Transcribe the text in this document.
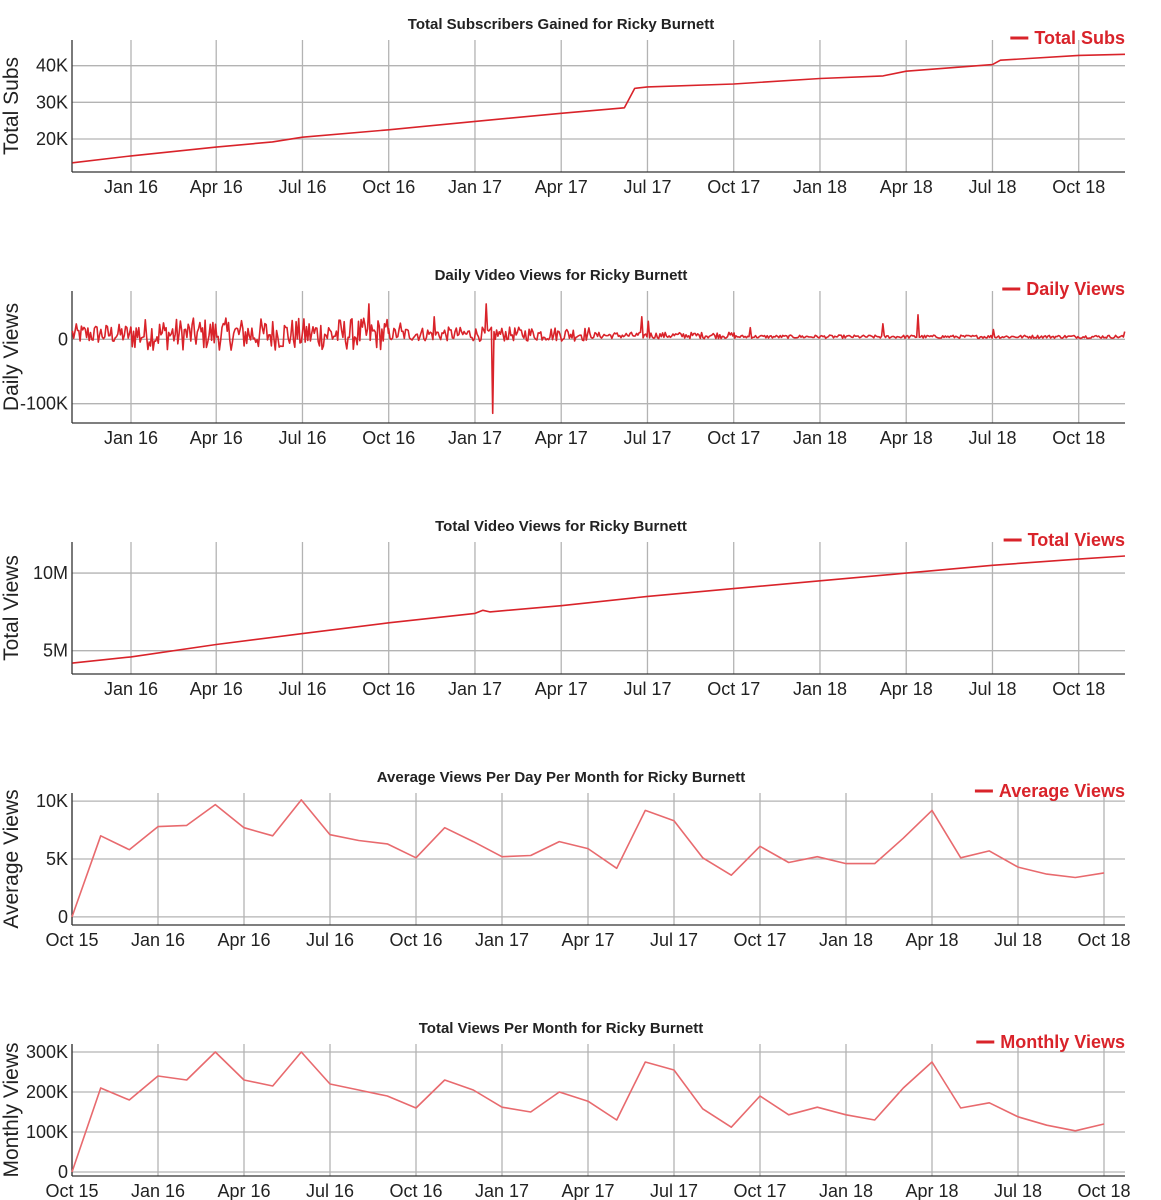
Jan 16 Apr 16 Jul 16 Oct 16 Jan 17 Apr 17 Jul 17 Oct 17 Jan 18 Apr 18 Jul 18 Oct 18
20K
30K
40K
Total Subscribers Gained for Ricky Burnett
Total Subs
Total Subs
Jan 16 Apr 16 Jul 16 Oct 16 Jan 17 Apr 17 Jul 17 Oct 17 Jan 18 Apr 18 Jul 18 Oct 18
-100K
0
Daily Video Views for Ricky Burnett
Daily Views
Daily Views
Jan 16 Apr 16 Jul 16 Oct 16 Jan 17 Apr 17 Jul 17 Oct 17 Jan 18 Apr 18 Jul 18 Oct 18
5M
10M
Total Video Views for Ricky Burnett
Total Views
Total Views
Oct 15 Jan 16 Apr 16 Jul 16 Oct 16 Jan 17 Apr 17 Jul 17 Oct 17 Jan 18 Apr 18 Jul 18 Oct 18
0
5K
10K
Average Views Per Day Per Month for Ricky Burnett
Average Views	Average Views
Oct 15 Jan 16 Apr 16 Jul 16 Oct 16 Jan 17 Apr 17 Jul 17 Oct 17 Jan 18 Apr 18 Jul 18 Oct 18
0
100K
200K
300K
Total Views Per Month for Ricky Burnett
Monthly Views
Monthly Views
